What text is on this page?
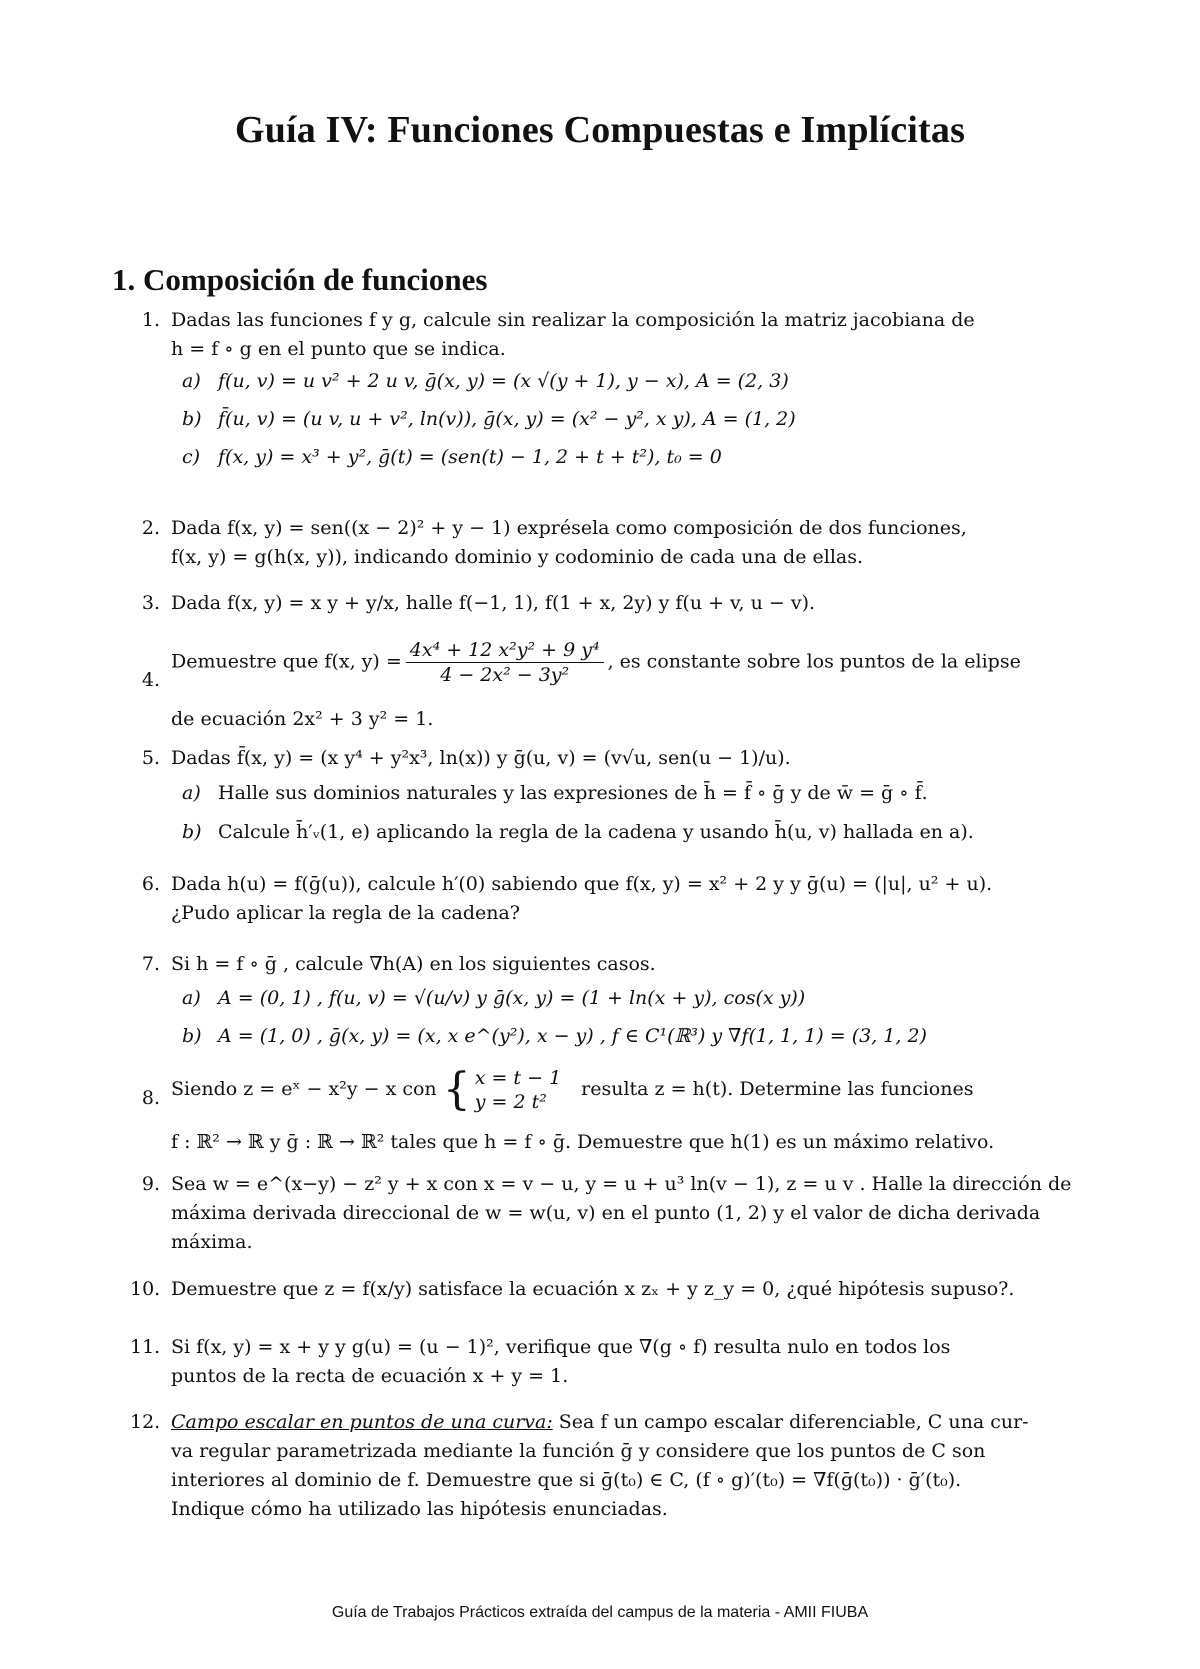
Guía IV: Funciones Compuestas e Implícitas
1. Composición de funciones
1. Dadas las funciones f y g, calcule sin realizar la composición la matriz jacobiana de
h = f ∘ g en el punto que se indica.
a) f(u, v) = u v² + 2 u v, ḡ(x, y) = (x √(y + 1), y − x), A = (2, 3)
b) f̄(u, v) = (u v, u + v², ln(v)), ḡ(x, y) = (x² − y², x y), A = (1, 2)
c) f(x, y) = x³ + y², ḡ(t) = (sen(t) − 1, 2 + t + t²), t₀ = 0
2. Dada f(x, y) = sen((x − 2)² + y − 1) exprésela como composición de dos funciones,
f(x, y) = g(h(x, y)), indicando dominio y codominio de cada una de ellas.
3. Dada f(x, y) = x y + y/x, halle f(−1, 1), f(1 + x, 2y) y f(u + v, u − v).
4.
Demuestre que f(x, $y) = \frac{\text{4x⁴ + 12 x²y² + 9 y⁴}}{\text{4 − 2x² − 3y²}}$ , es constante sobre los puntos de la elipse
de ecuación 2x² + 3 y² = 1.
5. Dadas f̄(x, y) = (x y⁴ + y²x³, ln(x)) y ḡ(u, v) = (v√u, sen(u − 1)/u).
a) Halle sus dominios naturales y las expresiones de h̄ = f̄ ∘ ḡ y de w̄ = ḡ ∘ f̄.
b) Calcule h̄′ᵥ(1, e) aplicando la regla de la cadena y usando h̄(u, v) hallada en a).
6. Dada h(u) = f(ḡ(u)), calcule h′(0) sabiendo que f(x, y) = x² + 2 y y ḡ(u) = (|u|, u² + u).
¿Pudo aplicar la regla de la cadena?
7. Si h = f ∘ ḡ , calcule ∇h(A) en los siguientes casos.
a) A = (0, 1) , f(u, v) = √(u/v) y ḡ(x, y) = (1 + ln(x + y), cos(x y))
b) A = (1, 0) , ḡ(x, y) = (x, x e^(y²), x − y) , f ∈ C¹(ℝ³) y ∇f(1, 1, 1) = (3, 1, 2)
8. Siendo z = eˣ − x²y − x con { x = t − 1
y = 2 t²
resulta z = h(t). Determine las funciones
f : ℝ² → ℝ y ḡ : ℝ → ℝ² tales que h = f ∘ ḡ. Demuestre que h(1) es un máximo relativo.
9. Sea w = e^(x−y) − z² y + x con x = v − u, y = u + u³ ln(v − 1), z = u v . Halle la dirección de
máxima derivada direccional de w = w(u, v) en el punto (1, 2) y el valor de dicha derivada
máxima.
10. Demuestre que z = f(x/y) satisface la ecuación x zₓ + y z_y = 0, ¿qué hipótesis supuso?.
11. Si f(x, y) = x + y y g(u) = (u − 1)², verifique que ∇(g ∘ f) resulta nulo en todos los
puntos de la recta de ecuación x + y = 1.
12. Campo escalar en puntos de una curva: Sea f un campo escalar diferenciable, C una cur-
va regular parametrizada mediante la función ḡ y considere que los puntos de C son
interiores al dominio de f. Demuestre que si ḡ(t₀) ∈ C, (f ∘ g)′(t₀) = ∇f(ḡ(t₀)) · ḡ′(t₀).
Indique cómo ha utilizado las hipótesis enunciadas.
Guía de Trabajos Prácticos extraída del campus de la materia - AMII FIUBA
